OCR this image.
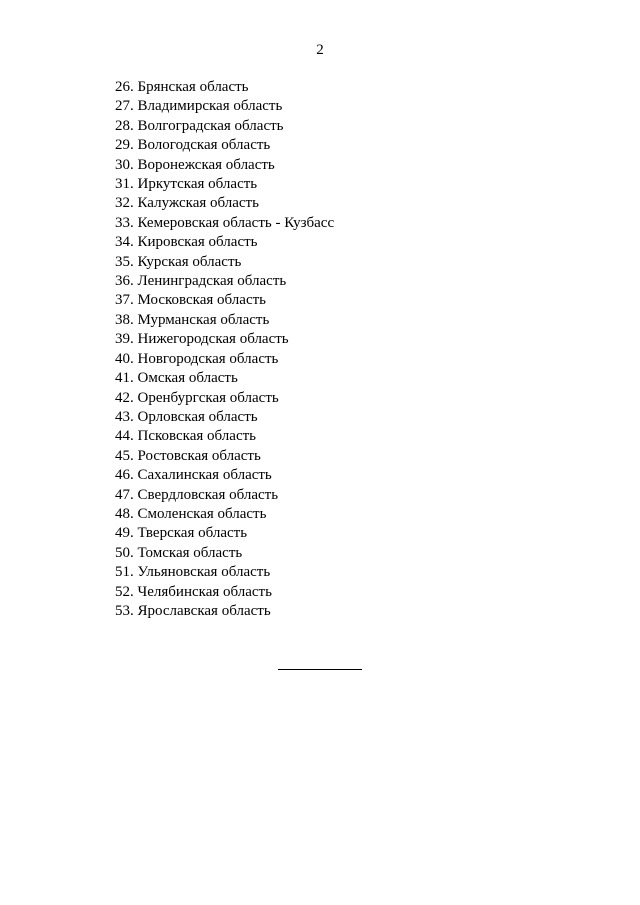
2
26. Брянская область
27. Владимирская область
28. Волгоградская область
29. Вологодская область
30. Воронежская область
31. Иркутская область
32. Калужская область
33. Кемеровская область - Кузбасс
34. Кировская область
35. Курская область
36. Ленинградская область
37. Московская область
38. Мурманская область
39. Нижегородская область
40. Новгородская область
41. Омская область
42. Оренбургская область
43. Орловская область
44. Псковская область
45. Ростовская область
46. Сахалинская область
47. Свердловская область
48. Смоленская область
49. Тверская область
50. Томская область
51. Ульяновская область
52. Челябинская область
53. Ярославская область
